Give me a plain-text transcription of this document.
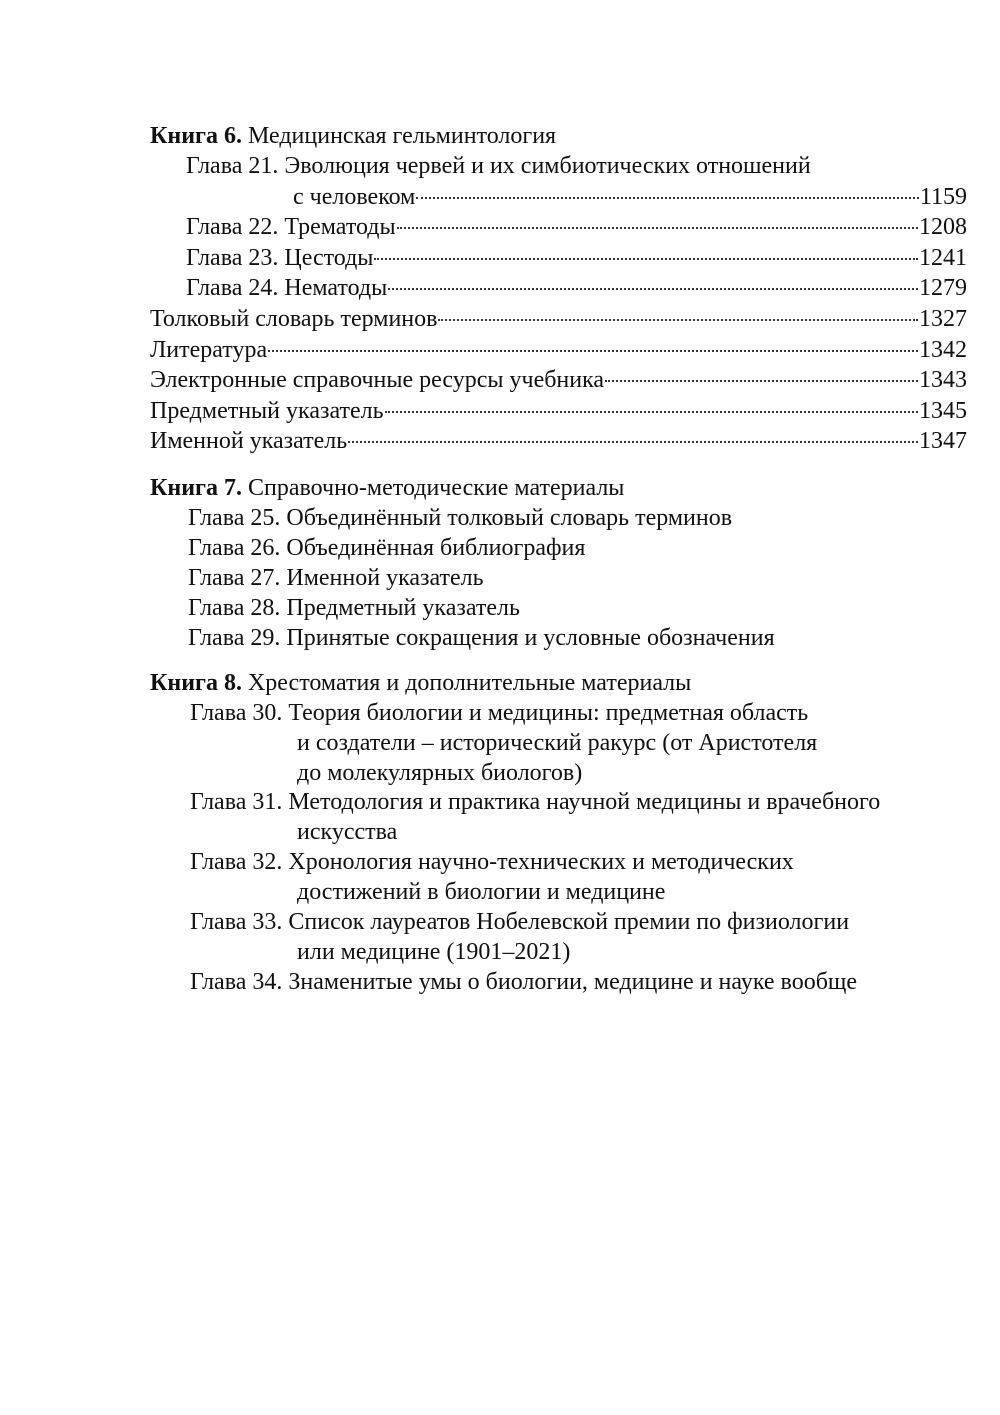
Книга 6. Медицинская гельминтология
Глава 21. Эволюция червей и их симбиотических отношений
с человеком	1159
Глава 22. Трематоды	1208
Глава 23. Цестоды	1241
Глава 24. Нематоды	1279
Толковый словарь терминов	1327
Литература	1342
Электронные справочные ресурсы учебника	1343
Предметный указатель	1345
Именной указатель	1347
Книга 7. Справочно-методические материалы
Глава 25. Объединённый толковый словарь терминов
Глава 26. Объединённая библиография
Глава 27. Именной указатель
Глава 28. Предметный указатель
Глава 29. Принятые сокращения и условные обозначения
Книга 8. Хрестоматия и дополнительные материалы
Глава 30. Теория биологии и медицины: предметная область
и создатели – исторический ракурс (от Аристотеля
до молекулярных биологов)
Глава 31. Методология и практика научной медицины и врачебного
искусства
Глава 32. Хронология научно-технических и методических
достижений в биологии и медицине
Глава 33. Список лауреатов Нобелевской премии по физиологии
или медицине (1901–2021)
Глава 34. Знаменитые умы о биологии, медицине и науке вообще
